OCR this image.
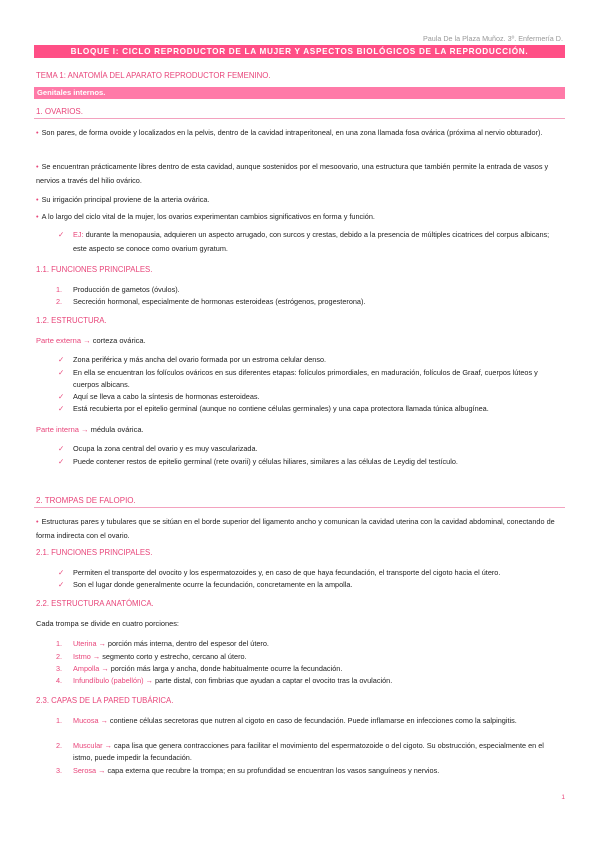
Paula De la Plaza Muñoz. 3º. Enfermería D.
BLOQUE I: CICLO REPRODUCTOR DE LA MUJER Y ASPECTOS BIOLÓGICOS DE LA REPRODUCCIÓN.
TEMA 1: ANATOMÍA DEL APARATO REPRODUCTOR FEMENINO.
Genitales internos.
1. OVARIOS.
• Son pares, de forma ovoide y localizados en la pelvis, dentro de la cavidad intraperitoneal, en una zona llamada fosa ovárica (próxima al nervio obturador).
• Se encuentran prácticamente libres dentro de esta cavidad, aunque sostenidos por el mesoovario, una estructura que también permite la entrada de vasos y nervios a través del hilio ovárico.
• Su irrigación principal proviene de la arteria ovárica.
• A lo largo del ciclo vital de la mujer, los ovarios experimentan cambios significativos en forma y función.
✓	EJ: durante la menopausia, adquieren un aspecto arrugado, con surcos y crestas, debido a la presencia de múltiples cicatrices del corpus albicans; este aspecto se conoce como ovarium gyratum.
1.1. FUNCIONES PRINCIPALES.
1.	Producción de gametos (óvulos).
2.	Secreción hormonal, especialmente de hormonas esteroideas (estrógenos, progesterona).
1.2. ESTRUCTURA.
Parte externa → corteza ovárica.
✓	Zona periférica y más ancha del ovario formada por un estroma celular denso.
✓	En ella se encuentran los folículos ováricos en sus diferentes etapas: folículos primordiales, en maduración, folículos de Graaf, cuerpos lúteos y cuerpos albicans.
✓	Aquí se lleva a cabo la síntesis de hormonas esteroideas.
✓	Está recubierta por el epitelio germinal (aunque no contiene células germinales) y una capa protectora llamada túnica albugínea.
Parte interna → médula ovárica.
✓	Ocupa la zona central del ovario y es muy vascularizada.
✓	Puede contener restos de epitelio germinal (rete ovarii) y células hiliares, similares a las células de Leydig del testículo.
2. TROMPAS DE FALOPIO.
• Estructuras pares y tubulares que se sitúan en el borde superior del ligamento ancho y comunican la cavidad uterina con la cavidad abdominal, conectando de forma indirecta con el ovario.
2.1. FUNCIONES PRINCIPALES.
✓	Permiten el transporte del ovocito y los espermatozoides y, en caso de que haya fecundación, el transporte del cigoto hacia el útero.
✓	Son el lugar donde generalmente ocurre la fecundación, concretamente en la ampolla.
2.2. ESTRUCTURA ANATÓMICA.
Cada trompa se divide en cuatro porciones:
1.	Uterina → porción más interna, dentro del espesor del útero.
2.	Istmo → segmento corto y estrecho, cercano al útero.
3.	Ampolla → porción más larga y ancha, donde habitualmente ocurre la fecundación.
4.	Infundíbulo (pabellón) → parte distal, con fimbrias que ayudan a captar el ovocito tras la ovulación.
2.3. CAPAS DE LA PARED TUBÁRICA.
1.	Mucosa → contiene células secretoras que nutren al cigoto en caso de fecundación. Puede inflamarse en infecciones como la salpingitis.
2.	Muscular → capa lisa que genera contracciones para facilitar el movimiento del espermatozoide o del cigoto. Su obstrucción, especialmente en el istmo, puede impedir la fecundación.
3.	Serosa → capa externa que recubre la trompa; en su profundidad se encuentran los vasos sanguíneos y nervios.
1
